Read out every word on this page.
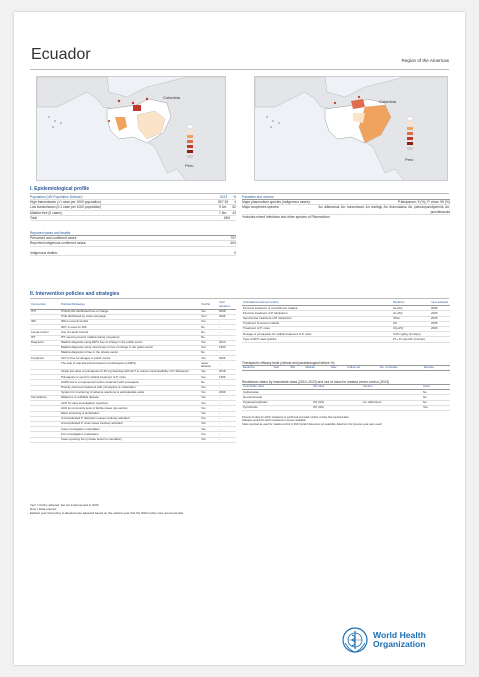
Ecuador	Region of the Americas
Colombia
Peru
Colombia
Peru
I. Epidemiological profile
Population (UN Population Division)	2023 %
High transmission (>1 case per 1000 population)	807 30 4
Low transmission (0-1 case per 1000 population)	9 4m 52
Malaria free (0 cases)	7 8m 43
Total	18M
Reported cases and deaths
Presumed and confirmed cases	757
Reported indigenous confirmed cases:	604
Indigenous deaths:	0
Parasites and vectors
Major plasmodium species (indigenous cases):	P.falciparum: 5 (%), P. vivax: 95 (%)
Major anopheles species:	An. albimanus, An. nuneztovari, An. darlingi, An. triannulatus, An. pseudopunctipennis, An. punctimacula
*includes mixed infections and other species of Plasmodium
II. Intervention policies and strategies
Intervention	Policies/Strategies	Yes/No	Year adopted
ITN	ITNs/LLINs distributed free of charge	Yes	2008
	ITNs distributed by mass campaign	Yes*	2005
IRS	IRS is recommended	Yes	-
	DDT is used for IRS	No	-
Larval control	Use of Larval Control	No	-
IPT	IPT used to prevent malaria during pregnancy	No	-
Diagnosis	Malaria diagnosis using RDTs free of charge in the public sector	Yes	2010
	Malaria diagnosis using microscopy is free of charge in the public sector	Yes	1950
	Malaria diagnosis is free in the private sector	No	-
Treatment	ACT is free for all ages in public sector	Yes	2006
	The sale of oral artemisinin-based monotherapies (oAMTs)	never allowed	-
	Single low dose of primaquine (0.25 mg base/kg) with ACT to reduce transmissibility of P. falciparum	Yes	2018
	Primaquine is used for radical treatment of P. vivax	Yes	1956
	G6PD test is a requirement before treatment with primaquine	No	-
	Directly observed treatment with primaquine is undertaken	Yes	-
	System for monitoring of adverse reactions to antimalarials exists	Yes	2009
Surveillance	Malaria is a notifiable disease	Yes	-
	ACD for case investigation (reactive)	Yes	-
	ACD at community level of febrile cases (pro-active)	Yes	-
	Mass screening is undertaken	Yes	-
	Uncomplicated P. falciparum cases routinely admitted	Yes	-
	Uncomplicated P. vivax cases routinely admitted	Yes	-
	Case investigation undertaken	Yes	-
	Foci investigation undertaken	Yes	-
	Case reporting from private sector is mandatory	Yes	-
Antimalaria treatment policy	Medicine	Year adopted
First-line treatment of unconfirmed malaria	AL+PQ	2006
First-line treatment of P. falciparum	AL+PQ	2006
Second-line treatment of P. falciparum	Other	2006
Treatment of severe malaria	AS	2006
Treatment of P. vivax	CQ+PQ	2006
Dosage of primaquine for radical treatment of P. vivax	0.25 mg/Kg (14 days)	
Type of RDT used (public)	Pf + Pv specific (Combo)	
Therapeutic efficacy tests (clinical and parasitological failure %)
Medicine	Year	Min	Median	Max	Follow-up	No. of studies	Species
Resistance status by insecticide class (2010–2023) and use of class for malaria vector control (2023)
Insecticide class	(%) sites	Vectors	Used
Carbamates			No
Neonicotinoids			No
Organophosphates	0% (0/3)	An. albimanus	No
Pyrethroids	0% (0/0)		Yes
Percent of sites for which resistance is confirmed and total number of sites that reported data
Indicates period for which resistance is known available
Class reported as used for malaria control in 2023 (total if data were not available, data from the previous year were used)
Yes* = Policy adopted, but not implemented in 2023
Dna = Data entered
Earliest year that policy is adopted was adjusted based on the earliest year that the WHO policy was recommended
World Health
Organization
